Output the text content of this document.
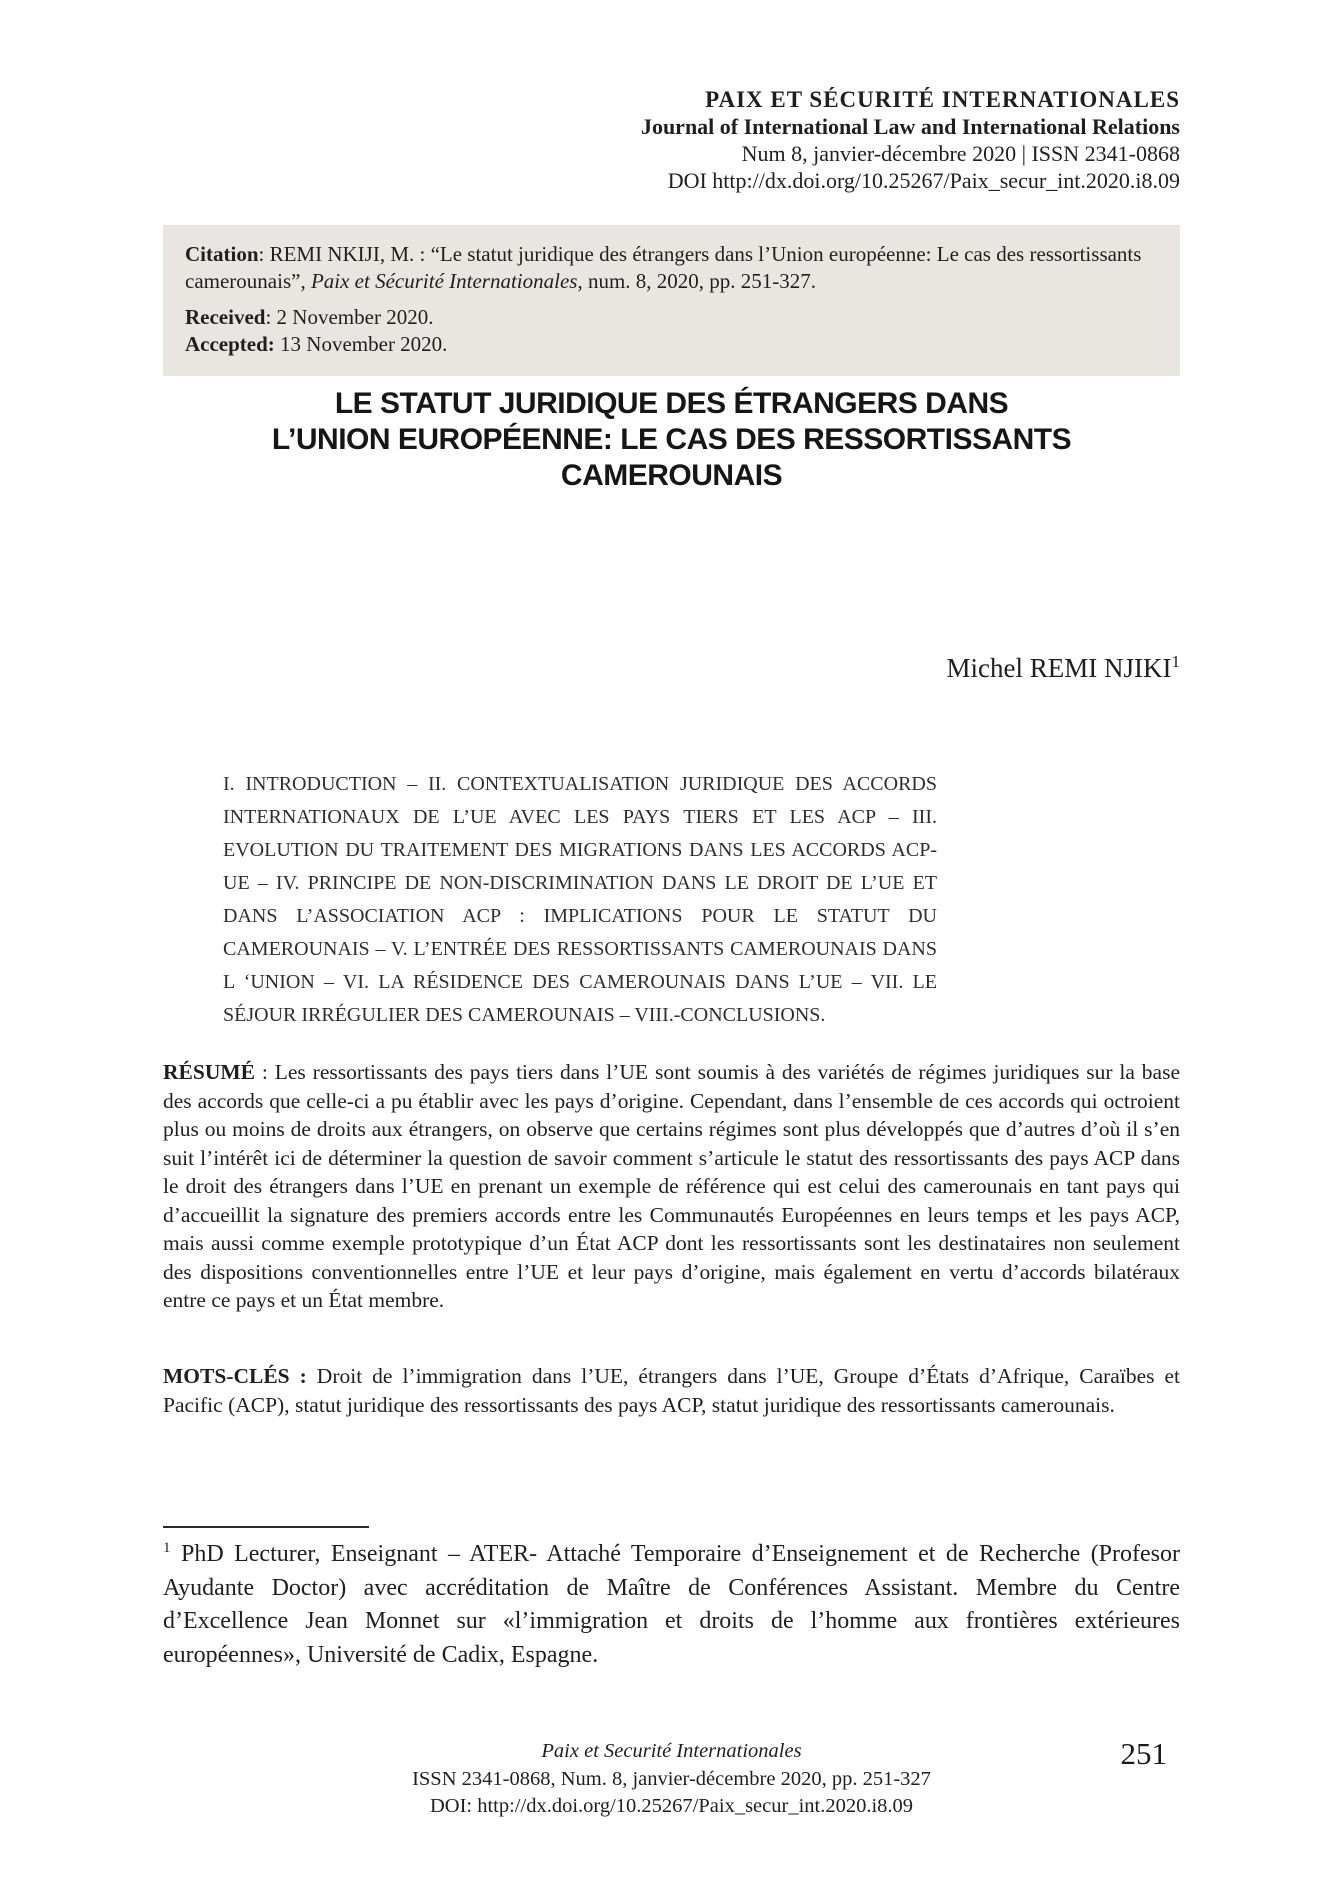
PAIX ET SÉCURITÉ INTERNATIONALES
Journal of International Law and International Relations
Num 8, janvier-décembre 2020 | ISSN 2341-0868
DOI http://dx.doi.org/10.25267/Paix_secur_int.2020.i8.09
Citation: REMI NKIJI, M. : “Le statut juridique des étrangers dans l’Union européenne: Le cas des ressortissants camerounais”, Paix et Sécurité Internationales, num. 8, 2020, pp. 251-327.
Received: 2 November 2020.
Accepted: 13 November 2020.
LE STATUT JURIDIQUE DES ÉTRANGERS DANS
L’UNION EUROPÉENNE: LE CAS DES RESSORTISSANTS
CAMEROUNAIS
Michel REMI NJIKI$^1$
I. INTRODUCTION – II. CONTEXTUALISATION JURIDIQUE DES ACCORDS INTERNATIONAUX DE L’UE AVEC LES PAYS TIERS ET LES ACP – III. EVOLUTION DU TRAITEMENT DES MIGRATIONS DANS LES ACCORDS ACP-UE – IV. PRINCIPE DE NON-DISCRIMINATION DANS LE DROIT DE L’UE ET DANS L’ASSOCIATION ACP : IMPLICATIONS POUR LE STATUT DU CAMEROUNAIS – V. L’ENTRÉE DES RESSORTISSANTS CAMEROUNAIS DANS L ‘UNION – VI. LA RÉSIDENCE DES CAMEROUNAIS DANS L’UE – VII. LE SÉJOUR IRRÉGULIER DES CAMEROUNAIS – VIII.-CONCLUSIONS.

RÉSUMÉ : Les ressortissants des pays tiers dans l’UE sont soumis à des variétés de régimes juridiques sur la base des accords que celle-ci a pu établir avec les pays d’origine. Cependant, dans l’ensemble de ces accords qui octroient plus ou moins de droits aux étrangers, on observe que certains régimes sont plus développés que d’autres d’où il s’en suit l’intérêt ici de déterminer la question de savoir comment s’articule le statut des ressortissants des pays ACP dans le droit des étrangers dans l’UE en prenant un exemple de référence qui est celui des camerounais en tant pays qui d’accueillit la signature des premiers accords entre les Communautés Européennes en leurs temps et les pays ACP, mais aussi comme exemple prototypique d’un État ACP dont les ressortissants sont les destinataires non seulement des dispositions conventionnelles entre l’UE et leur pays d’origine, mais également en vertu d’accords bilatéraux entre ce pays et un État membre.

MOTS-CLÉS : Droit de l’immigration dans l’UE, étrangers dans l’UE, Groupe d’États d’Afrique, Caraïbes et Pacific (ACP), statut juridique des ressortissants des pays ACP, statut juridique des ressortissants camerounais.

$^1$ PhD Lecturer, Enseignant – ATER- Attaché Temporaire d’Enseignement et de Recherche (Profesor Ayudante Doctor) avec accréditation de Maître de Conférences Assistant. Membre du Centre d’Excellence Jean Monnet sur «l’immigration et droits de l’homme aux frontières extérieures européennes», Université de Cadix, Espagne.

Paix et Securité Internationales
ISSN 2341-0868, Num. 8, janvier-décembre 2020, pp. 251-327
DOI: http://dx.doi.org/10.25267/Paix_secur_int.2020.i8.09
251
